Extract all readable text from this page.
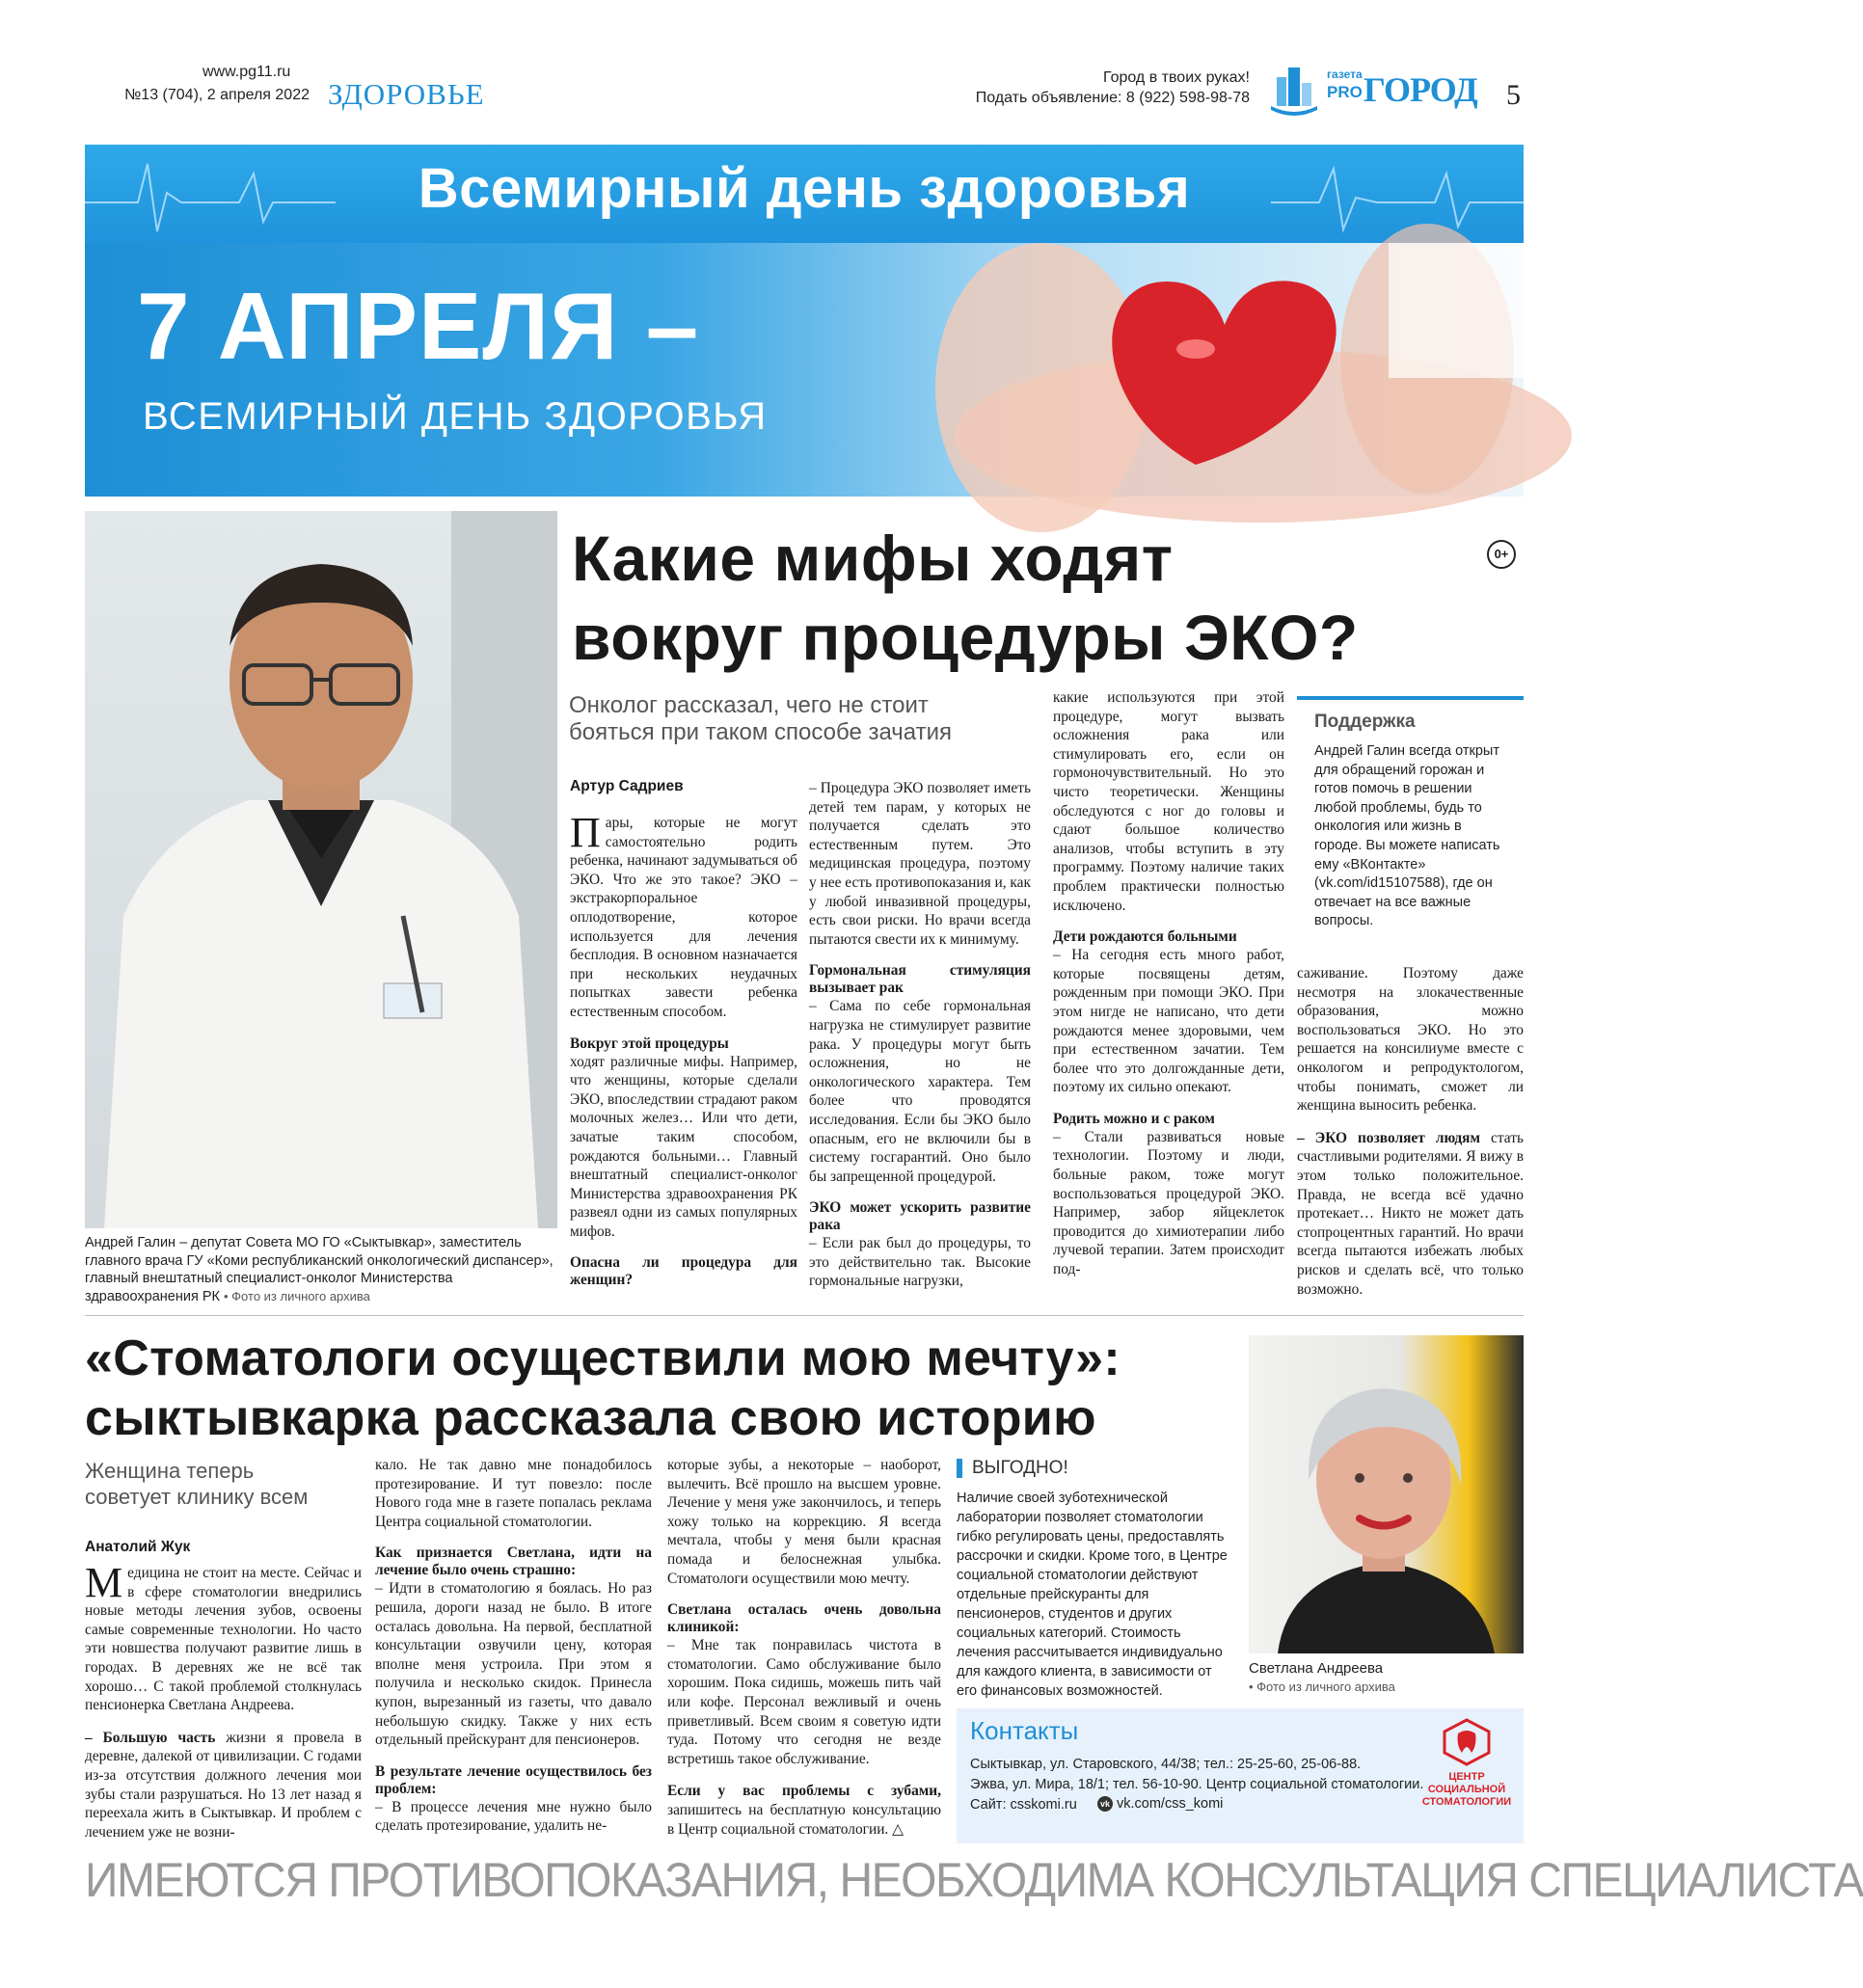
www.pg11.ru
№13 (704), 2 апреля 2022 ЗДОРОВЬЕ	Город в твоих руках!
Подать объявление: 8 (922) 598-98-78
газета
PRO ГОРОД 5
Всемирный день здоровья
7 АПРЕЛЯ –
ВСЕМИРНЫЙ ДЕНЬ ЗДОРОВЬЯ
Андрей Галин – депутат Совета МО ГО «Сыктывкар», заместитель главного врача ГУ «Коми республиканский онкологический диспансер», главный внештатный специалист-онколог Министерства здравоохранения РК • Фото из личного архива
Какие мифы ходят
вокруг процедуры ЭКО?
0+
Онколог рассказал, чего не стоит
бояться при таком способе зачатия
Артур Садриев

Пары, которые не могут самостоятельно родить ребенка, начинают задумываться об ЭКО. Что же это такое? ЭКО – экстракорпоральное оплодотворение, которое используется для лечения бесплодия. В основном назначается при нескольких неудачных попытках завести ребенка естественным способом.

Вокруг этой процедуры

ходят различные мифы. Например, что женщины, которые сделали ЭКО, впоследствии страдают раком молочных желез… Или что дети, зачатые таким способом, рождаются больными… Главный внештатный специалист-онколог Министерства здравоохранения РК развеял одни из самых популярных мифов.

Опасна ли процедура для женщин?

– Процедура ЭКО позволяет иметь детей тем парам, у которых не получается сделать это естественным путем. Это медицинская процедура, поэтому у нее есть противопоказания и, как у любой инвазивной процедуры, есть свои риски. Но врачи всегда пытаются свести их к минимуму.

Гормональная стимуляция вызывает рак

– Сама по себе гормональная нагрузка не стимулирует развитие рака. У процедуры могут быть осложнения, но не онкологического характера. Тем более что проводятся исследования. Если бы ЭКО было опасным, его не включили бы в систему госгарантий. Оно было бы запрещенной процедурой.

ЭКО может ускорить развитие рака

– Если рак был до процедуры, то это действительно так. Высокие гормональные нагрузки,

какие используются при этой процедуре, могут вызвать осложнения рака или стимулировать его, если он гормоночувствительный. Но это чисто теоретически. Женщины обследуются с ног до головы и сдают большое количество анализов, чтобы вступить в эту программу. Поэтому наличие таких проблем практически полностью исключено.

Дети рождаются больными

– На сегодня есть много работ, которые посвящены детям, рожденным при помощи ЭКО. При этом нигде не написано, что дети рождаются менее здоровыми, чем при естественном зачатии. Тем более что это долгожданные дети, поэтому их сильно опекают.

Родить можно и с раком

– Стали развиваться новые технологии. Поэтому и люди, больные раком, тоже могут воспользоваться процедурой ЭКО. Например, забор яйцеклеток проводится до химиотерапии либо лучевой терапии. Затем происходит под-

Поддержка
Андрей Галин всегда открыт для обращений горожан и готов помочь в решении любой проблемы, будь то онкология или жизнь в городе. Вы можете написать ему «ВКонтакте» (vk.com/id15107588), где он отвечает на все важные вопросы.

саживание. Поэтому даже несмотря на злокачественные образования, можно воспользоваться ЭКО. Но это решается на консилиуме вместе с онкологом и репродуктологом, чтобы понимать, сможет ли женщина выносить ребенка.

– ЭКО позволяет людям стать счастливыми родителями. Я вижу в этом только положительное. Правда, не всегда всё удачно протекает… Никто не может дать стопроцентных гарантий. Но врачи всегда пытаются избежать любых рисков и сделать всё, что только возможно.

«Стоматологи осуществили мою мечту»:
сыктывкарка рассказала свою историю
Женщина теперь
советует клинику всем
Анатолий Жук

Медицина не стоит на месте. Сейчас и в сфере стоматологии внедрились новые методы лечения зубов, освоены самые современные технологии. Но часто эти новшества получают развитие лишь в городах. В деревнях же не всё так хорошо… С такой проблемой столкнулась пенсионерка Светлана Андреева.

– Большую часть жизни я провела в деревне, далекой от цивилизации. С годами из-за отсутствия должного лечения мои зубы стали разрушаться. Но 13 лет назад я переехала жить в Сыктывкар. И проблем с лечением уже не возни-

кало. Не так давно мне понадобилось протезирование. И тут повезло: после Нового года мне в газете попалась реклама Центра социальной стоматологии.

Как признается Светлана, идти на лечение было очень страшно:

– Идти в стоматологию я боялась. Но раз решила, дороги назад не было. В итоге осталась довольна. На первой, бесплатной консультации озвучили цену, которая вполне меня устроила. При этом я получила и несколько скидок. Принесла купон, вырезанный из газеты, что давало небольшую скидку. Также у них есть отдельный прейскурант для пенсионеров.

В результате лечение осуществилось без проблем:

– В процессе лечения мне нужно было сделать протезирование, удалить не-

которые зубы, а некоторые – наоборот, вылечить. Всё прошло на высшем уровне. Лечение у меня уже закончилось, и теперь хожу только на коррекцию. Я всегда мечтала, чтобы у меня были красная помада и белоснежная улыбка. Стоматологи осуществили мою мечту.

Светлана осталась очень довольна клиникой:

– Мне так понравилась чистота в стоматологии. Само обслуживание было хорошим. Пока сидишь, можешь пить чай или кофе. Персонал вежливый и очень приветливый. Всем своим я советую идти туда. Потому что сегодня не везде встретишь такое обслуживание.

Если у вас проблемы с зубами, запишитесь на бесплатную консультацию в Центр социальной стоматологии. △

ВЫГОДНО!
Наличие своей зуботехнической лаборатории позволяет стоматологии гибко регулировать цены, предоставлять рассрочки и скидки. Кроме того, в Центре социальной стоматологии действуют отдельные прейскуранты для пенсионеров, студентов и других социальных категорий. Стоимость лечения рассчитывается индивидуально для каждого клиента, в зависимости от его финансовых возможностей.
Светлана Андреева
• Фото из личного архива
Контакты
Сыктывкар, ул. Старовского, 44/38; тел.: 25-25-60, 25-06-88.
Эжва, ул. Мира, 18/1; тел. 56-10-90. Центр социальной стоматологии.
Сайт: csskomi.ru	vk vk.com/css_komi
ЦЕНТР
СОЦИАЛЬНОЙ
СТОМАТОЛОГИИ
ИМЕЮТСЯ ПРОТИВОПОКАЗАНИЯ, НЕОБХОДИМА КОНСУЛЬТАЦИЯ СПЕЦИАЛИСТА
